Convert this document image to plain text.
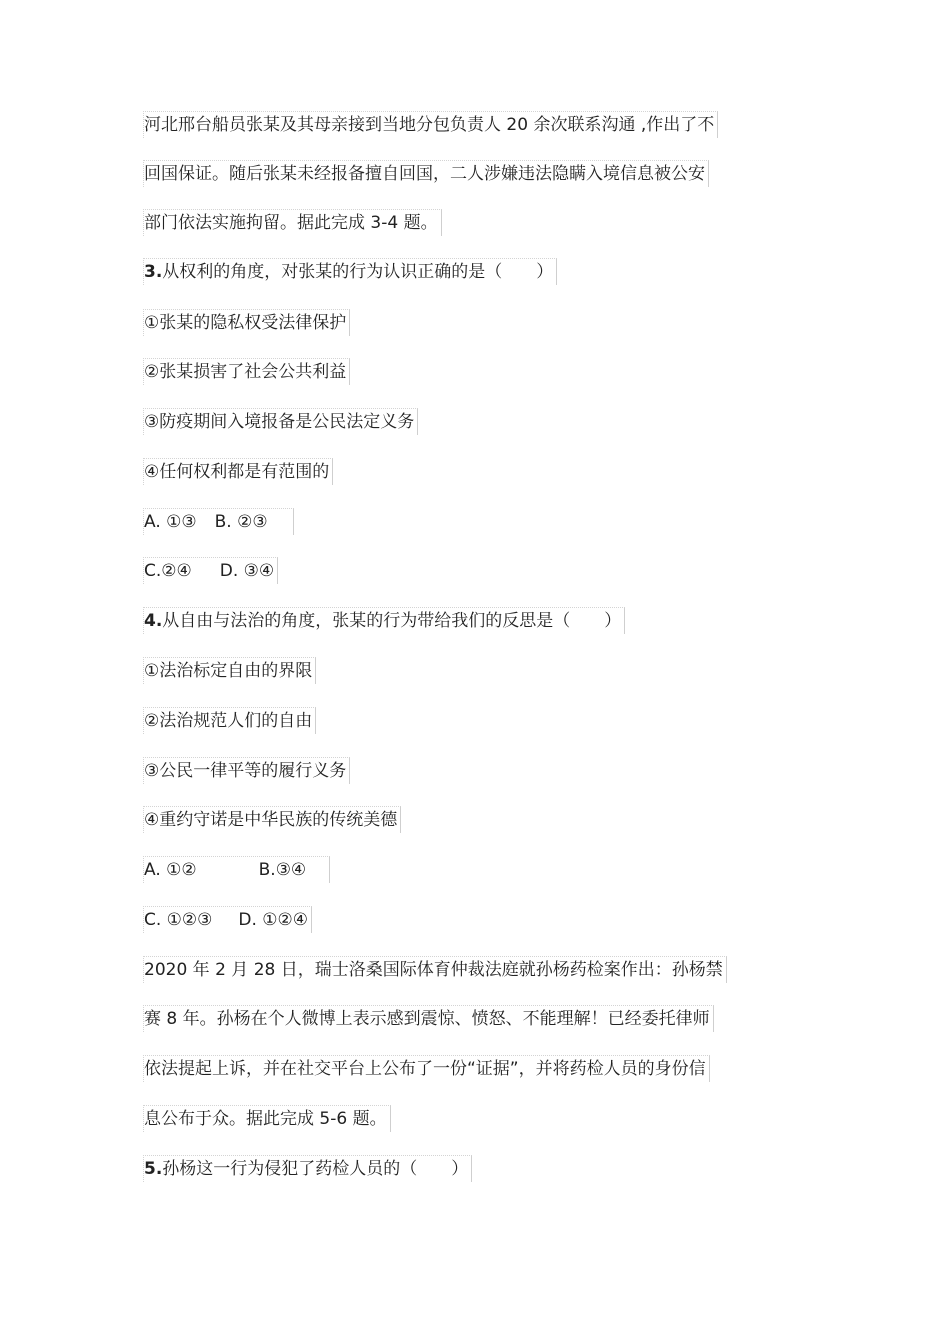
河北邢台船员张某及其母亲接到当地分包负责人 20 余次联系沟通 ,作出了不
回国保证。随后张某未经报备擅自回国，二人涉嫌违法隐瞒入境信息被公安
部门依法实施拘留。据此完成 3-4 题。
3.从权利的角度，对张某的行为认识正确的是（　　）
①张某的隐私权受法律保护
②张某损害了社会公共利益
③防疫期间入境报备是公民法定义务
④任何权利都是有范围的
A. ①③ B. ②③
C.②④ D. ③④
4.从自由与法治的角度，张某的行为带给我们的反思是（　　）
①法治标定自由的界限
②法治规范人们的自由
③公民一律平等的履行义务
④重约守诺是中华民族的传统美德
A. ①②	B.③④
C. ①②③ D. ①②④
2020 年 2 月 28 日，瑞士洛桑国际体育仲裁法庭就孙杨药检案作出：孙杨禁
赛 8 年。孙杨在个人微博上表示感到震惊、愤怒、不能理解！已经委托律师
依法提起上诉，并在社交平台上公布了一份“证据”，并将药检人员的身份信
息公布于众。据此完成 5-6 题。
5.孙杨这一行为侵犯了药检人员的（　　）
